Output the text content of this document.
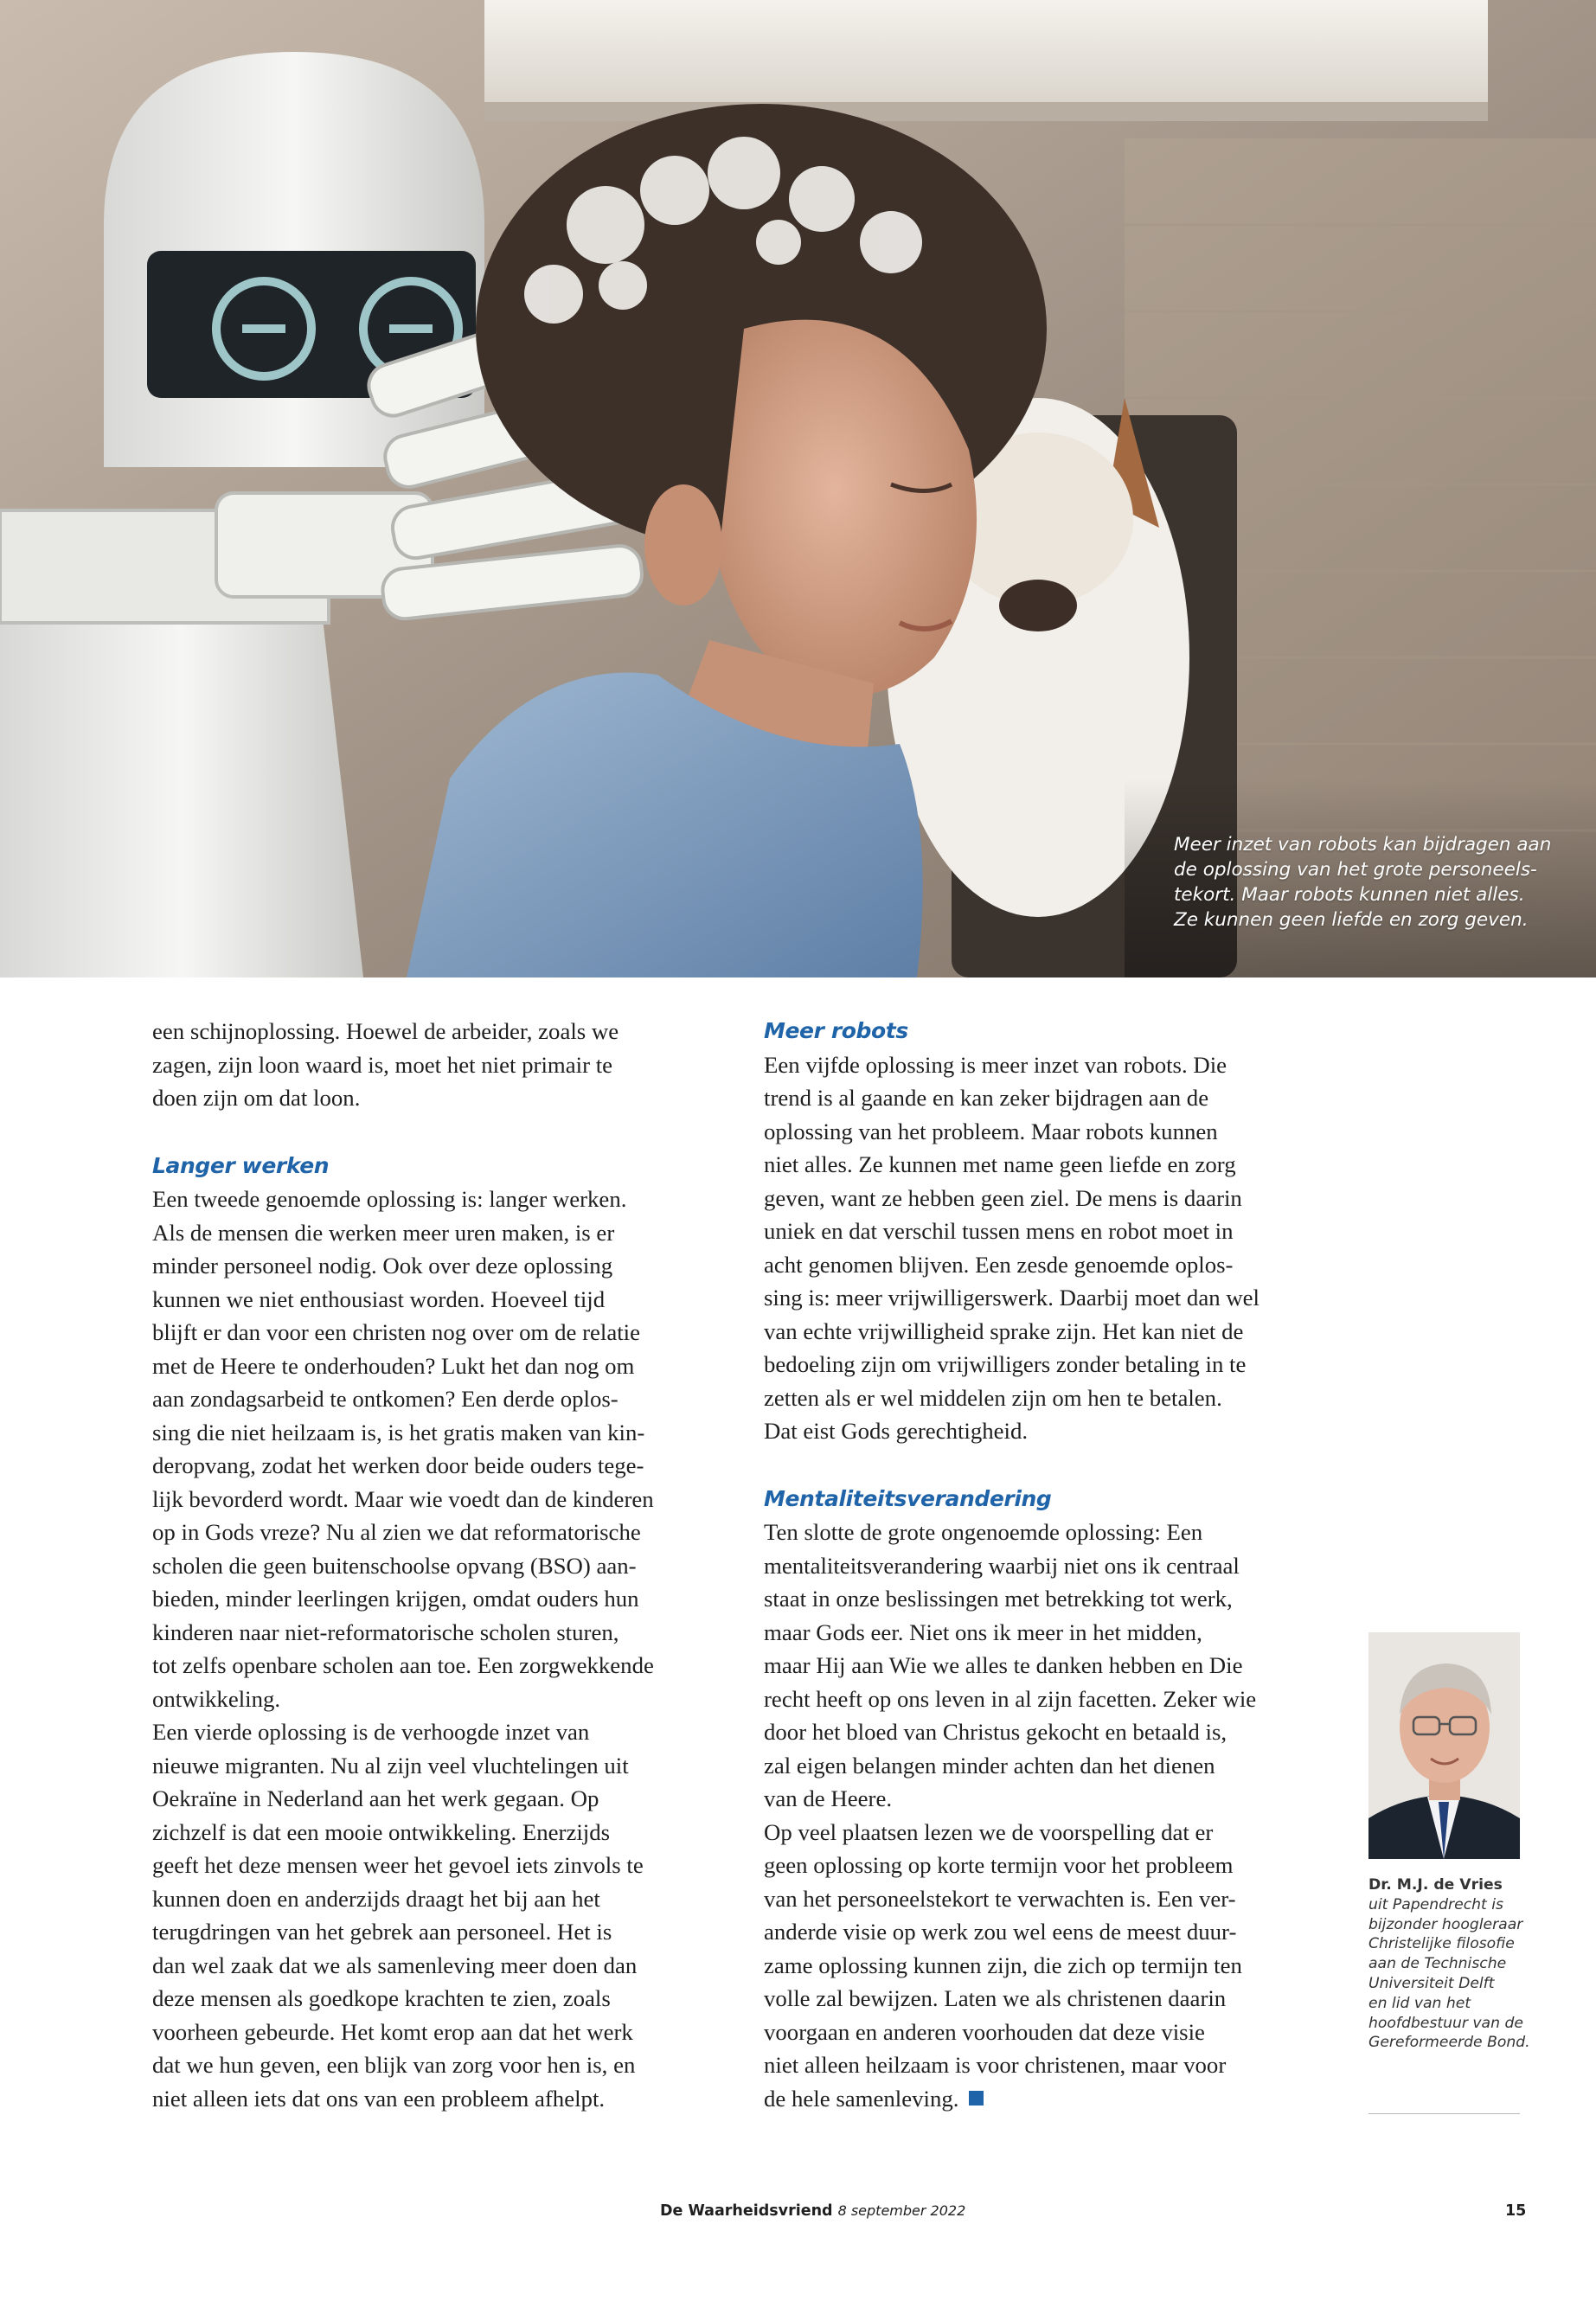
Meer inzet van robots kan bijdragen aan
de oplossing van het grote personeels-
tekort. Maar robots kunnen niet alles.
Ze kunnen geen liefde en zorg geven.
een schijnoplossing. Hoewel de arbeider, zoals we
zagen, zijn loon waard is, moet het niet primair te
doen zijn om dat loon.
Langer werken
Een tweede genoemde oplossing is: langer werken.
Als de mensen die werken meer uren maken, is er
minder personeel nodig. Ook over deze oplossing
kunnen we niet enthousiast worden. Hoeveel tijd
blijft er dan voor een christen nog over om de relatie
met de Heere te onderhouden? Lukt het dan nog om
aan zondagsarbeid te ontkomen? Een derde oplos-
sing die niet heilzaam is, is het gratis maken van kin-
deropvang, zodat het werken door beide ouders tege-
lijk bevorderd wordt. Maar wie voedt dan de kinderen
op in Gods vreze? Nu al zien we dat reformatorische
scholen die geen buitenschoolse opvang (BSO) aan-
bieden, minder leerlingen krijgen, omdat ouders hun
kinderen naar niet-reformatorische scholen sturen,
tot zelfs openbare scholen aan toe. Een zorgwekkende
ontwikkeling.
Een vierde oplossing is de verhoogde inzet van
nieuwe migranten. Nu al zijn veel vluchtelingen uit
Oekraïne in Nederland aan het werk gegaan. Op
zichzelf is dat een mooie ontwikkeling. Enerzijds
geeft het deze mensen weer het gevoel iets zinvols te
kunnen doen en anderzijds draagt het bij aan het
terugdringen van het gebrek aan personeel. Het is
dan wel zaak dat we als samenleving meer doen dan
deze mensen als goedkope krachten te zien, zoals
voorheen gebeurde. Het komt erop aan dat het werk
dat we hun geven, een blijk van zorg voor hen is, en
niet alleen iets dat ons van een probleem afhelpt.
Meer robots
Een vijfde oplossing is meer inzet van robots. Die
trend is al gaande en kan zeker bijdragen aan de
oplossing van het probleem. Maar robots kunnen
niet alles. Ze kunnen met name geen liefde en zorg
geven, want ze hebben geen ziel. De mens is daarin
uniek en dat verschil tussen mens en robot moet in
acht genomen blijven. Een zesde genoemde oplos-
sing is: meer vrijwilligerswerk. Daarbij moet dan wel
van echte vrijwilligheid sprake zijn. Het kan niet de
bedoeling zijn om vrijwilligers zonder betaling in te
zetten als er wel middelen zijn om hen te betalen.
Dat eist Gods gerechtigheid.
Mentaliteitsverandering
Ten slotte de grote ongenoemde oplossing: Een
mentaliteitsverandering waarbij niet ons ik centraal
staat in onze beslissingen met betrekking tot werk,
maar Gods eer. Niet ons ik meer in het midden,
maar Hij aan Wie we alles te danken hebben en Die
recht heeft op ons leven in al zijn facetten. Zeker wie
door het bloed van Christus gekocht en betaald is,
zal eigen belangen minder achten dan het dienen
van de Heere.
Op veel plaatsen lezen we de voorspelling dat er
geen oplossing op korte termijn voor het probleem
van het personeelstekort te verwachten is. Een ver-
anderde visie op werk zou wel eens de meest duur-
zame oplossing kunnen zijn, die zich op termijn ten
volle zal bewijzen. Laten we als christenen daarin
voorgaan en anderen voorhouden dat deze visie
niet alleen heilzaam is voor christenen, maar voor
de hele samenleving.
Dr. M.J. de Vries
uit Papendrecht is
bijzonder hoogleraar
Christelijke filosofie
aan de Technische
Universiteit Delft
en lid van het
hoofdbestuur van de
Gereformeerde Bond.
De Waarheidsvriend 8 september 2022	15
